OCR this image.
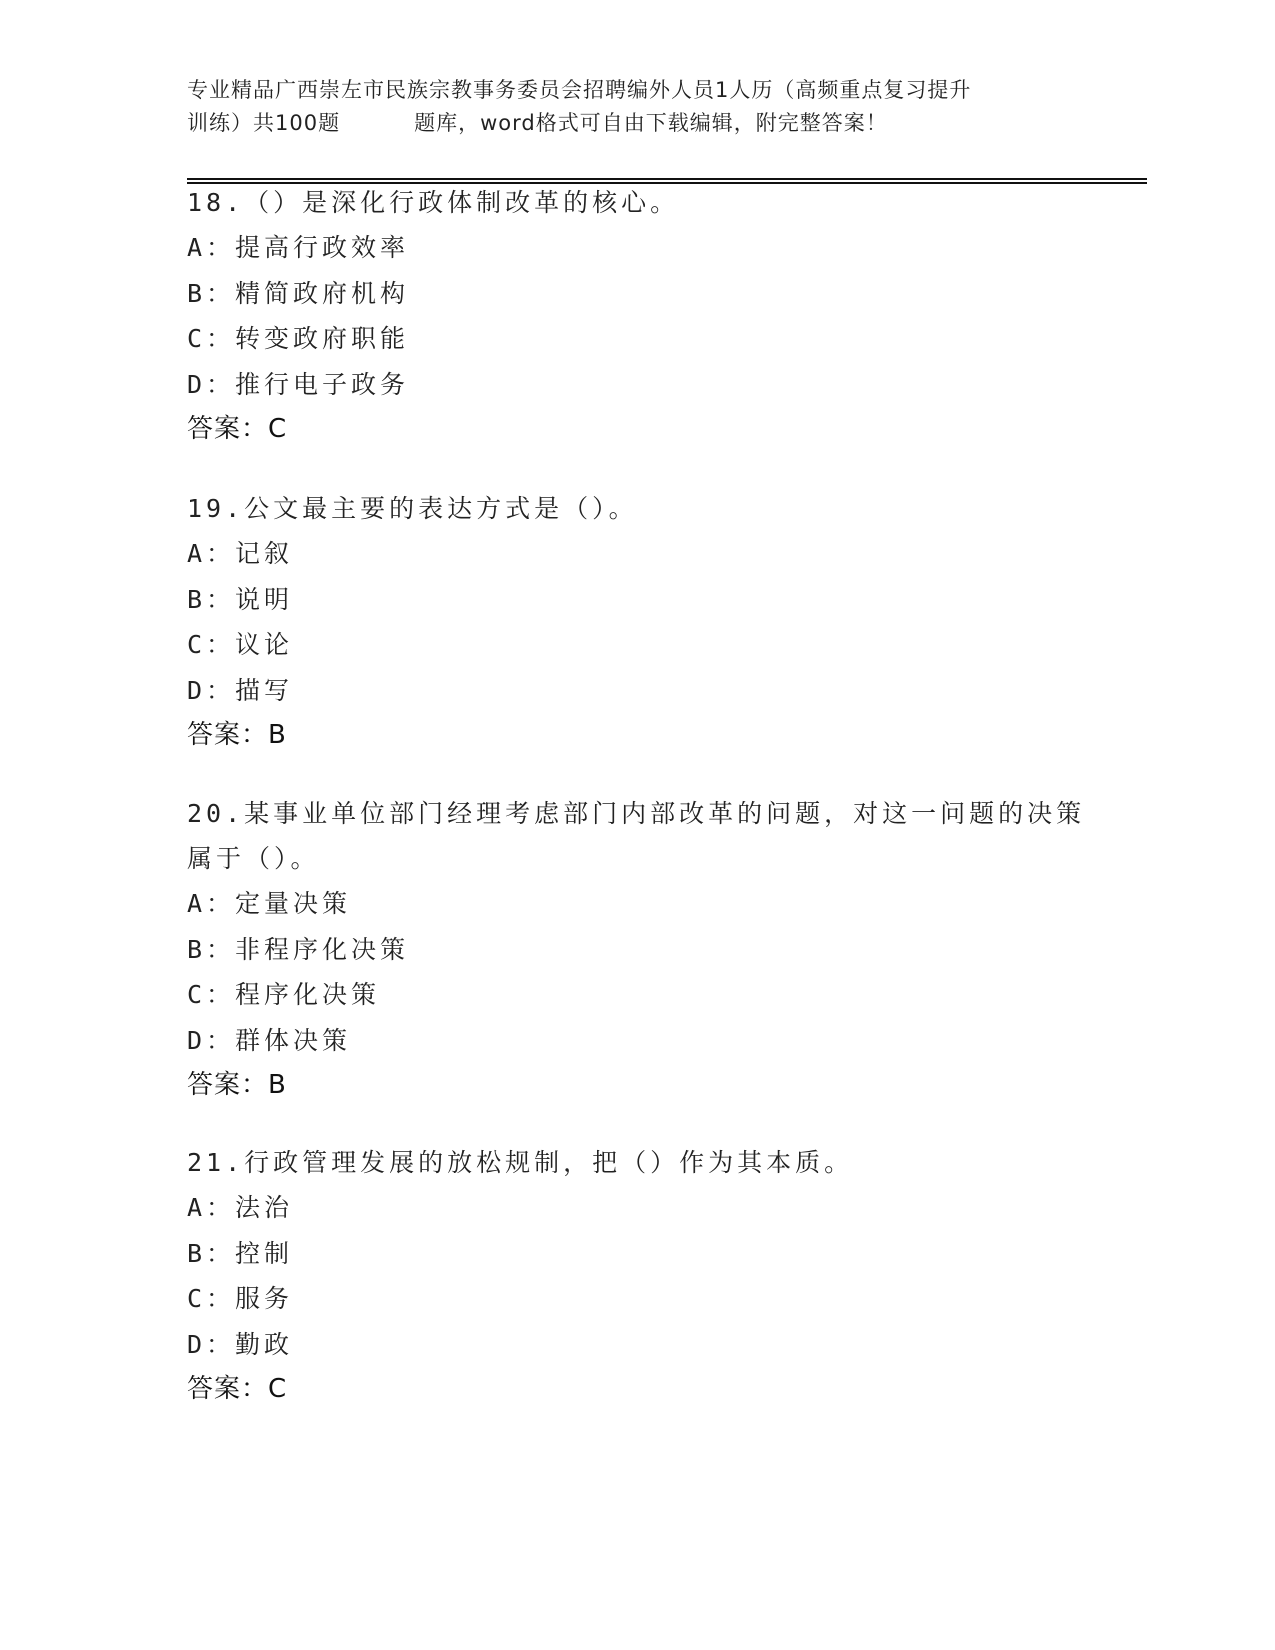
专业精品广西崇左市民族宗教事务委员会招聘编外人员1人历（高频重点复习提升
训练）共100题	题库，word格式可自由下载编辑，附完整答案！
18.（）是深化行政体制改革的核心。
A：提高行政效率
B：精简政府机构
C：转变政府职能
D：推行电子政务
答案：C
19.公文最主要的表达方式是（）。
A：记叙
B：说明
C：议论
D：描写
答案：B
20.某事业单位部门经理考虑部门内部改革的问题，对这一问题的决策
属于（）。
A：定量决策
B：非程序化决策
C：程序化决策
D：群体决策
答案：B
21.行政管理发展的放松规制，把（）作为其本质。
A：法治
B：控制
C：服务
D：勤政
答案：C
